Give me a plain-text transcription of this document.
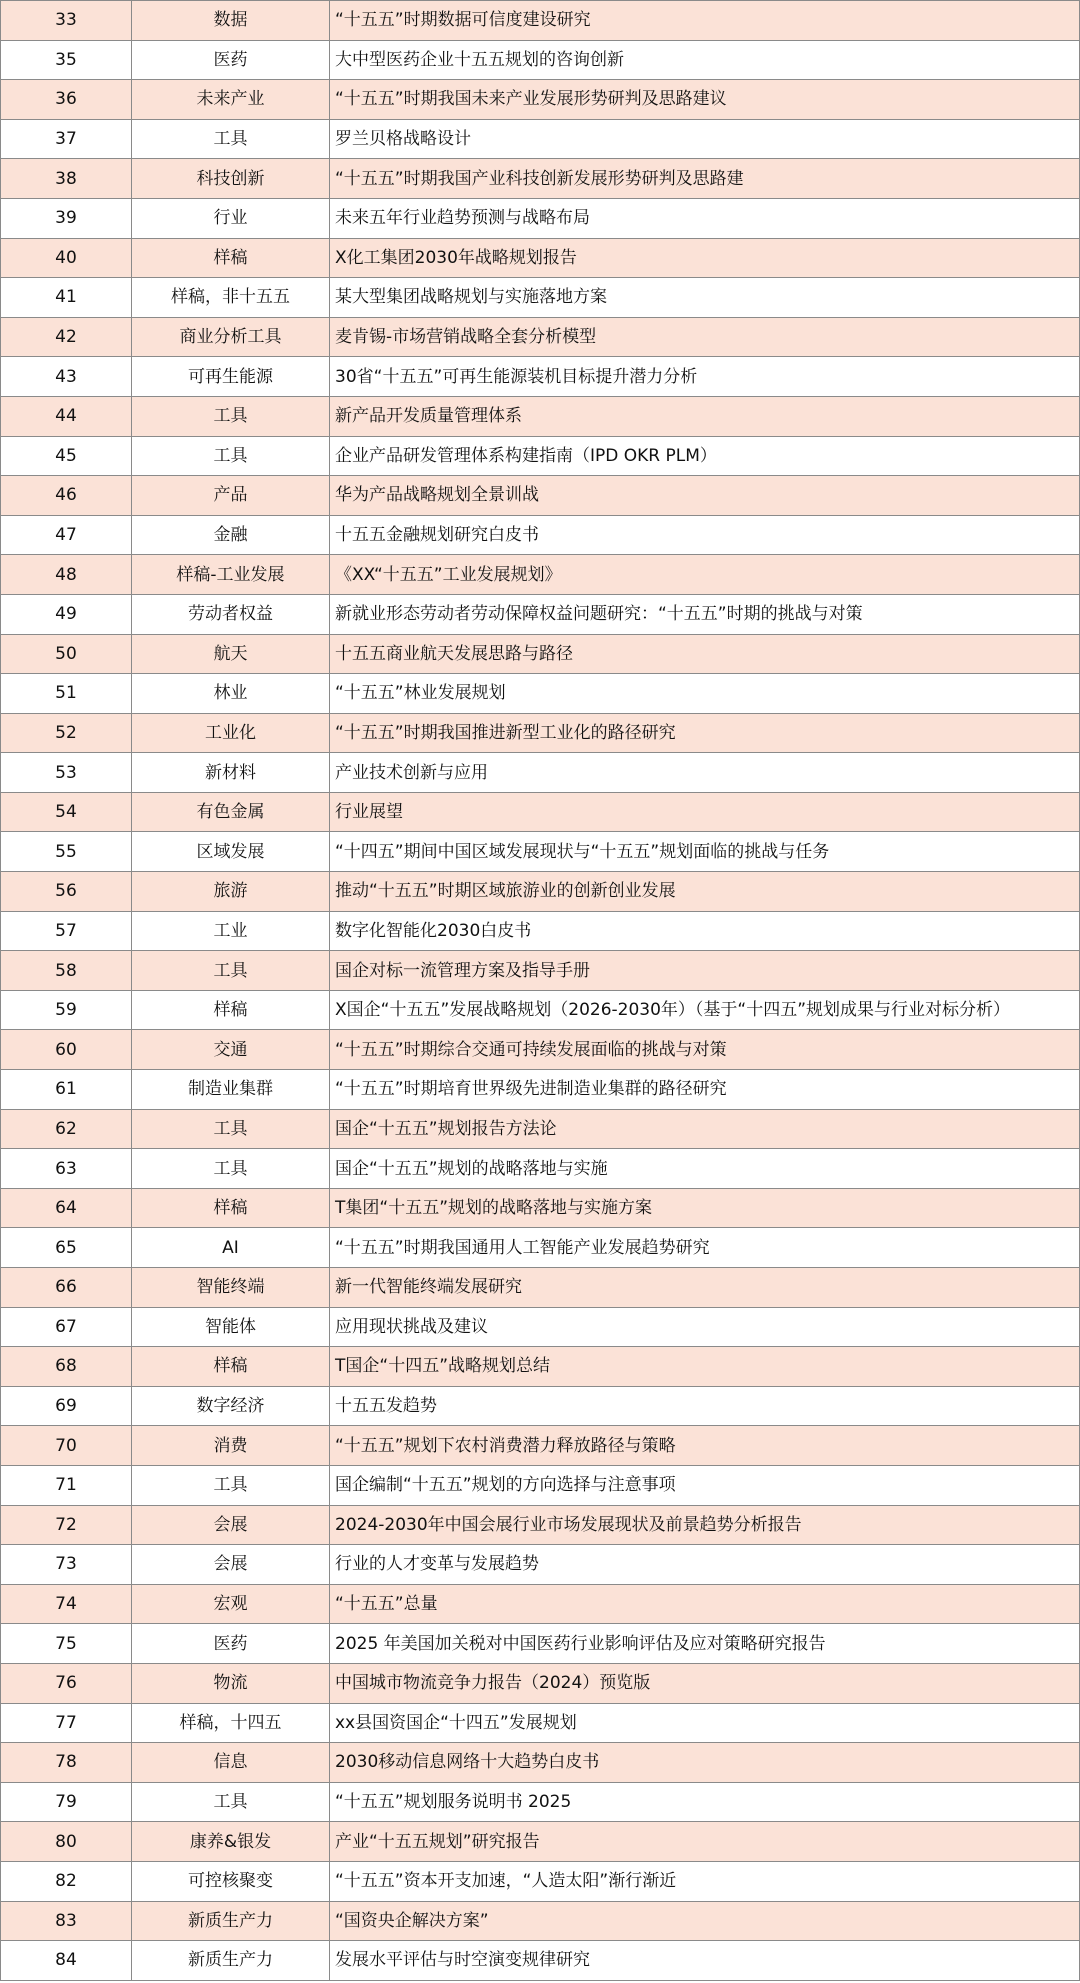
33	数据	“十五五”时期数据可信度建设研究
35	医药	大中型医药企业十五五规划的咨询创新
36	未来产业	“十五五”时期我国未来产业发展形势研判及思路建议
37	工具	罗兰贝格战略设计
38	科技创新	“十五五”时期我国产业科技创新发展形势研判及思路建
39	行业	未来五年行业趋势预测与战略布局
40	样稿	X化工集团2030年战略规划报告
41	样稿，非十五五	某大型集团战略规划与实施落地方案
42	商业分析工具	麦肯锡-市场营销战略全套分析模型
43	可再生能源	30省“十五五”可再生能源装机目标提升潜力分析
44	工具	新产品开发质量管理体系
45	工具	企业产品研发管理体系构建指南（IPD OKR PLM）
46	产品	华为产品战略规划全景训战
47	金融	十五五金融规划研究白皮书
48	样稿-工业发展	《XX“十五五”工业发展规划》
49	劳动者权益	新就业形态劳动者劳动保障权益问题研究：“十五五”时期的挑战与对策
50	航天	十五五商业航天发展思路与路径
51	林业	“十五五”林业发展规划
52	工业化	“十五五”时期我国推进新型工业化的路径研究
53	新材料	产业技术创新与应用
54	有色金属	行业展望
55	区域发展	“十四五”期间中国区域发展现状与“十五五”规划面临的挑战与任务
56	旅游	推动“十五五”时期区域旅游业的创新创业发展
57	工业	数字化智能化2030白皮书
58	工具	国企对标一流管理方案及指导手册
59	样稿	X国企“十五五”发展战略规划（2026-2030年）（基于“十四五”规划成果与行业对标分析）
60	交通	“十五五”时期综合交通可持续发展面临的挑战与对策
61	制造业集群	“十五五”时期培育世界级先进制造业集群的路径研究
62	工具	国企“十五五”规划报告方法论
63	工具	国企“十五五”规划的战略落地与实施
64	样稿	T集团“十五五”规划的战略落地与实施方案
65	AI	“十五五”时期我国通用人工智能产业发展趋势研究
66	智能终端	新一代智能终端发展研究
67	智能体	应用现状挑战及建议
68	样稿	T国企“十四五”战略规划总结
69	数字经济	十五五发趋势
70	消费	“十五五”规划下农村消费潜力释放路径与策略
71	工具	国企编制“十五五”规划的方向选择与注意事项
72	会展	2024-2030年中国会展行业市场发展现状及前景趋势分析报告
73	会展	行业的人才变革与发展趋势
74	宏观	“十五五”总量
75	医药	2025 年美国加关税对中国医药行业影响评估及应对策略研究报告
76	物流	中国城市物流竞争力报告（2024）预览版
77	样稿，十四五	xx县国资国企“十四五”发展规划
78	信息	2030移动信息网络十大趋势白皮书
79	工具	“十五五”规划服务说明书 2025
80	康养&银发	产业“十五五规划”研究报告
82	可控核聚变	“十五五”资本开支加速，“人造太阳”渐行渐近
83	新质生产力	“国资央企解决方案”
84	新质生产力	发展水平评估与时空演变规律研究
